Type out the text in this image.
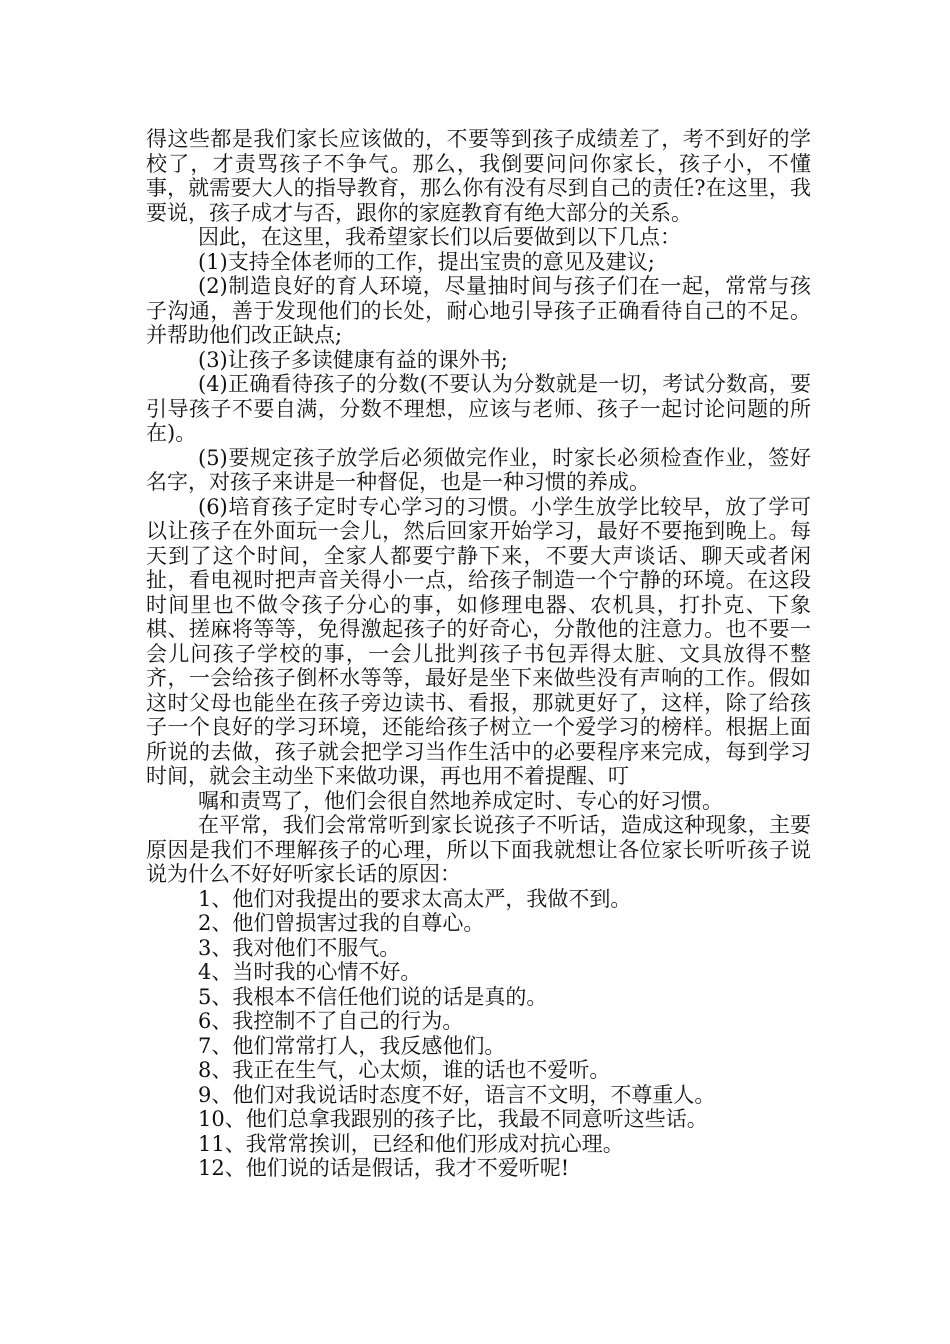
得这些都是我们家长应该做的，不要等到孩子成绩差了，考不到好的学校了，才责骂孩子不争气。那么，我倒要问问你家长，孩子小，不懂事，就需要大人的指导教育，那么你有没有尽到自己的责任?在这里，我要说，孩子成才与否，跟你的家庭教育有绝大部分的关系。

因此，在这里，我希望家长们以后要做到以下几点：

(1)支持全体老师的工作，提出宝贵的意见及建议;

(2)制造良好的育人环境，尽量抽时间与孩子们在一起，常常与孩子沟通，善于发现他们的长处，耐心地引导孩子正确看待自己的不足。并帮助他们改正缺点;

(3)让孩子多读健康有益的课外书;

(4)正确看待孩子的分数(不要认为分数就是一切，考试分数高，要引导孩子不要自满，分数不理想，应该与老师、孩子一起讨论问题的所在)。

(5)要规定孩子放学后必须做完作业，时家长必须检查作业，签好名字，对孩子来讲是一种督促，也是一种习惯的养成。

(6)培育孩子定时专心学习的习惯。小学生放学比较早，放了学可以让孩子在外面玩一会儿，然后回家开始学习，最好不要拖到晚上。每天到了这个时间，全家人都要宁静下来，不要大声谈话、聊天或者闲扯，看电视时把声音关得小一点，给孩子制造一个宁静的环境。在这段时间里也不做令孩子分心的事，如修理电器、农机具，打扑克、下象棋、搓麻将等等，免得激起孩子的好奇心，分散他的注意力。也不要一会儿问孩子学校的事，一会儿批判孩子书包弄得太脏、文具放得不整齐，一会给孩子倒杯水等等，最好是坐下来做些没有声响的工作。假如这时父母也能坐在孩子旁边读书、看报，那就更好了，这样，除了给孩子一个良好的学习环境，还能给孩子树立一个爱学习的榜样。根据上面所说的去做，孩子就会把学习当作生活中的必要程序来完成，每到学习时间，就会主动坐下来做功课，再也用不着提醒、叮

嘱和责骂了，他们会很自然地养成定时、专心的好习惯。

在平常，我们会常常听到家长说孩子不听话，造成这种现象，主要原因是我们不理解孩子的心理，所以下面我就想让各位家长听听孩子说说为什么不好好听家长话的原因：

1、他们对我提出的要求太高太严，我做不到。

2、他们曾损害过我的自尊心。

3、我对他们不服气。

4、当时我的心情不好。

5、我根本不信任他们说的话是真的。

6、我控制不了自己的行为。

7、他们常常打人，我反感他们。

8、我正在生气，心太烦，谁的话也不爱听。

9、他们对我说话时态度不好，语言不文明，不尊重人。

10、他们总拿我跟别的孩子比，我最不同意听这些话。

11、我常常挨训，已经和他们形成对抗心理。

12、他们说的话是假话，我才不爱听呢!
